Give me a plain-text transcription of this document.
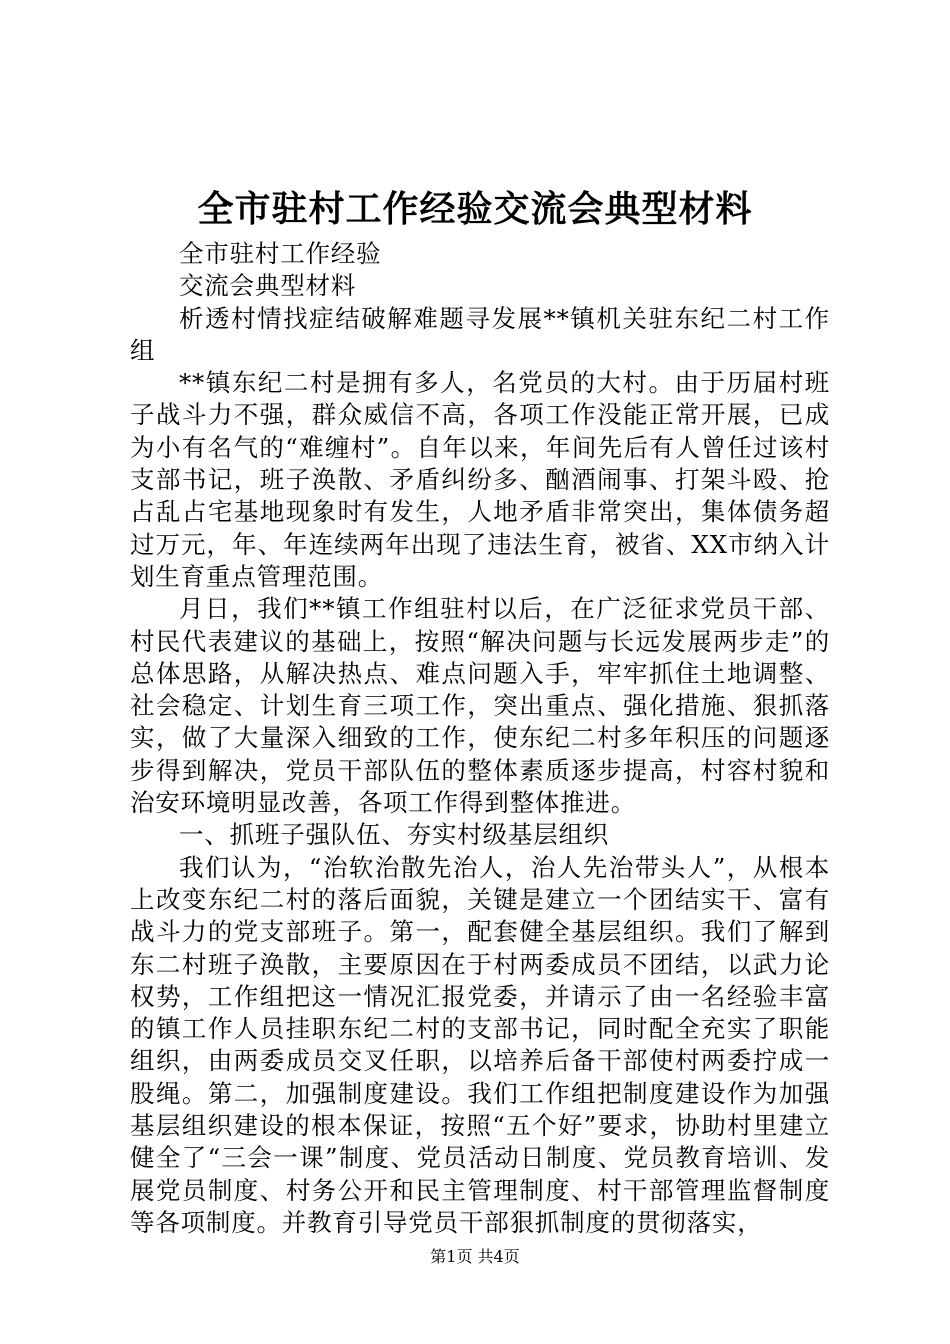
全市驻村工作经验交流会典型材料

全市驻村工作经验

交流会典型材料

析透村情找症结破解难题寻发展**镇机关驻东纪二村工作组

**镇东纪二村是拥有多人，名党员的大村。由于历届村班子战斗力不强，群众威信不高，各项工作没能正常开展，已成为小有名气的“难缠村”。自年以来，年间先后有人曾任过该村支部书记，班子涣散、矛盾纠纷多、酗酒闹事、打架斗殴、抢占乱占宅基地现象时有发生，人地矛盾非常突出，集体债务超过万元，年、年连续两年出现了违法生育，被省、XX市纳入计划生育重点管理范围。

月日，我们**镇工作组驻村以后，在广泛征求党员干部、村民代表建议的基础上，按照“解决问题与长远发展两步走”的总体思路，从解决热点、难点问题入手，牢牢抓住土地调整、社会稳定、计划生育三项工作，突出重点、强化措施、狠抓落实，做了大量深入细致的工作，使东纪二村多年积压的问题逐步得到解决，党员干部队伍的整体素质逐步提高，村容村貌和治安环境明显改善，各项工作得到整体推进。

一、抓班子强队伍、夯实村级基层组织

我们认为，“治软治散先治人，治人先治带头人”，从根本上改变东纪二村的落后面貌，关键是建立一个团结实干、富有战斗力的党支部班子。第一，配套健全基层组织。我们了解到东二村班子涣散，主要原因在于村两委成员不团结，以武力论权势，工作组把这一情况汇报党委，并请示了由一名经验丰富的镇工作人员挂职东纪二村的支部书记，同时配全充实了职能组织，由两委成员交叉任职，以培养后备干部使村两委拧成一股绳。第二，加强制度建设。我们工作组把制度建设作为加强基层组织建设的根本保证，按照“五个好”要求，协助村里建立健全了“三会一课”制度、党员活动日制度、党员教育培训、发展党员制度、村务公开和民主管理制度、村干部管理监督制度等各项制度。并教育引导党员干部狠抓制度的贯彻落实，

第1页 共4页
